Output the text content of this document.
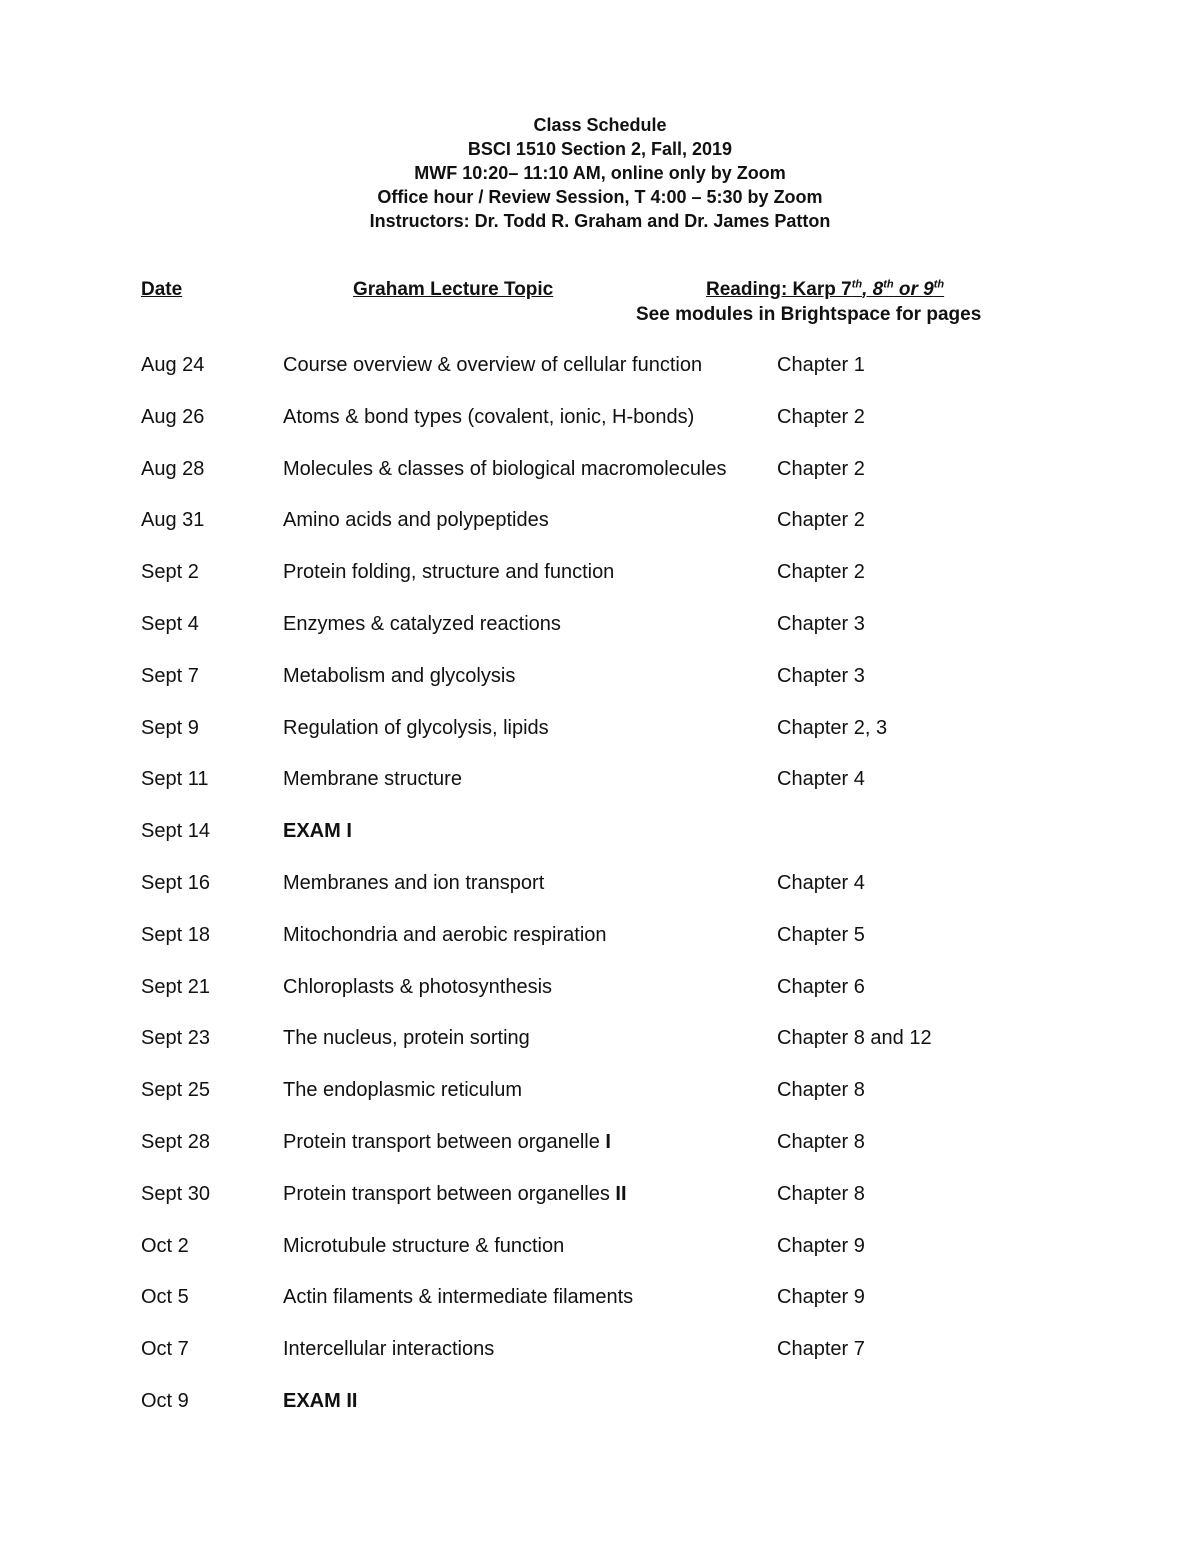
Class Schedule
BSCI 1510 Section 2, Fall, 2019
MWF 10:20– 11:10 AM, online only by Zoom
Office hour / Review Session, T 4:00 – 5:30 by Zoom
Instructors: Dr. Todd R. Graham and Dr. James Patton
Date	Graham Lecture Topic	Reading: Karp 7th, 8th or 9th
See modules in Brightspace for pages
Aug 24	Course overview & overview of cellular function	Chapter 1
Aug 26	Atoms & bond types (covalent, ionic, H-bonds)	Chapter 2
Aug 28	Molecules & classes of biological macromolecules	Chapter 2
Aug 31	Amino acids and polypeptides	Chapter 2
Sept 2	Protein folding, structure and function	Chapter 2
Sept 4	Enzymes & catalyzed reactions	Chapter 3
Sept 7	Metabolism and glycolysis	Chapter 3
Sept 9	Regulation of glycolysis, lipids	Chapter 2, 3
Sept 11	Membrane structure	Chapter 4
Sept 14	EXAM I
Sept 16	Membranes and ion transport	Chapter 4
Sept 18	Mitochondria and aerobic respiration	Chapter 5
Sept 21	Chloroplasts & photosynthesis	Chapter 6
Sept 23	The nucleus, protein sorting	Chapter 8 and 12
Sept 25	The endoplasmic reticulum	Chapter 8
Sept 28	Protein transport between organelle I	Chapter 8
Sept 30	Protein transport between organelles II	Chapter 8
Oct 2	Microtubule structure & function	Chapter 9
Oct 5	Actin filaments & intermediate filaments	Chapter 9
Oct 7	Intercellular interactions	Chapter 7
Oct 9	EXAM II
